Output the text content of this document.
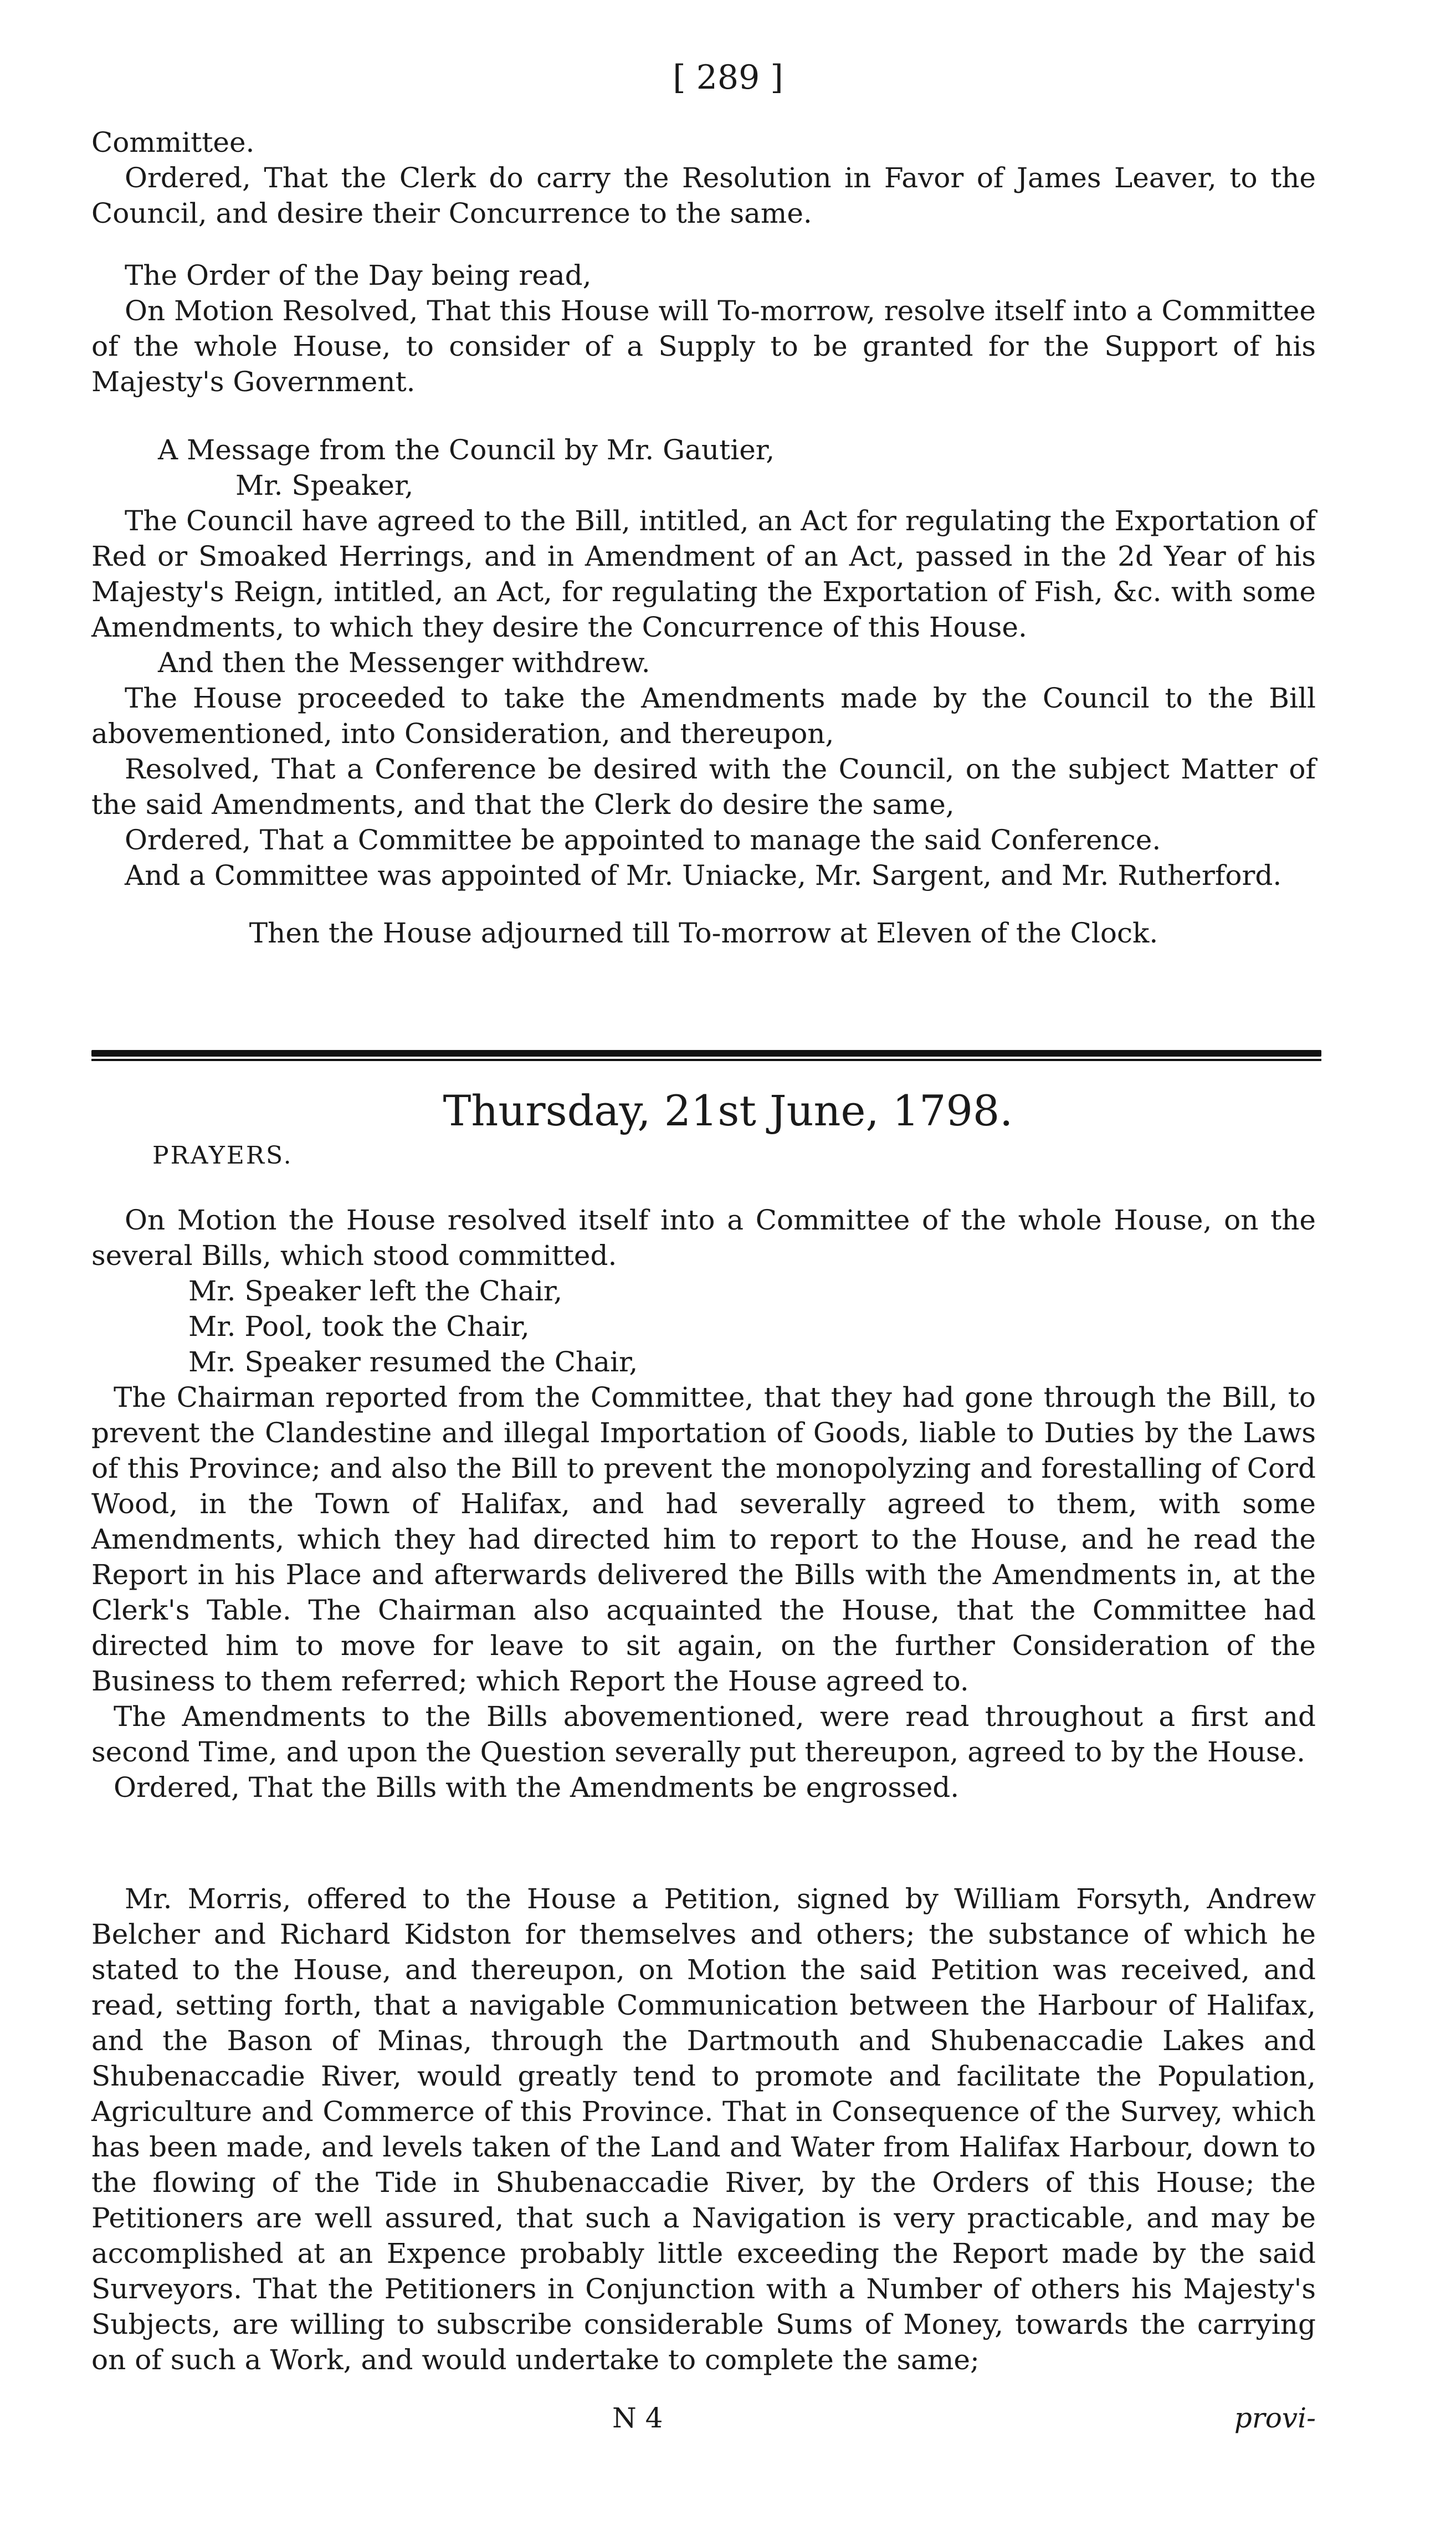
[ 289 ]

Committee.

Ordered, That the Clerk do carry the Resolution in Favor of James Leaver, to the Council, and desire their Concurrence to the same.

The Order of the Day being read,

On Motion Resolved, That this House will To-morrow, resolve itself into a Committee of the whole House, to consider of a Supply to be granted for the Support of his Majesty's Government.

A Message from the Council by Mr. Gautier,

Mr. Speaker,

The Council have agreed to the Bill, intitled, an Act for regulating the Exportation of Red or Smoaked Herrings, and in Amendment of an Act, passed in the 2d Year of his Majesty's Reign, intitled, an Act, for regulating the Exportation of Fish, &c. with some Amendments, to which they desire the Concurrence of this House.

And then the Messenger withdrew.

The House proceeded to take the Amendments made by the Council to the Bill abovementioned, into Consideration, and thereupon,

Resolved, That a Conference be desired with the Council, on the subject Matter of the said Amendments, and that the Clerk do desire the same,

Ordered, That a Committee be appointed to manage the said Conference.

And a Committee was appointed of Mr. Uniacke, Mr. Sargent, and Mr. Rutherford.

Then the House adjourned till To-morrow at Eleven of the Clock.

Thursday, 21st June, 1798.
PRAYERS.

On Motion the House resolved itself into a Committee of the whole House, on the several Bills, which stood committed.

Mr. Speaker left the Chair,

Mr. Pool, took the Chair,

Mr. Speaker resumed the Chair,

The Chairman reported from the Committee, that they had gone through the Bill, to prevent the Clandestine and illegal Importation of Goods, liable to Duties by the Laws of this Province; and also the Bill to prevent the monopolyzing and forestalling of Cord Wood, in the Town of Halifax, and had severally agreed to them, with some Amendments, which they had directed him to report to the House, and he read the Report in his Place and afterwards delivered the Bills with the Amendments in, at the Clerk's Table. The Chairman also acquainted the House, that the Committee had directed him to move for leave to sit again, on the further Consideration of the Business to them referred; which Report the House agreed to.

The Amendments to the Bills abovementioned, were read throughout a first and second Time, and upon the Question severally put thereupon, agreed to by the House.

Ordered, That the Bills with the Amendments be engrossed.

Mr. Morris, offered to the House a Petition, signed by William Forsyth, Andrew Belcher and Richard Kidston for themselves and others; the substance of which he stated to the House, and thereupon, on Motion the said Petition was received, and read, setting forth, that a navigable Communication between the Harbour of Halifax, and the Bason of Minas, through the Dartmouth and Shubenaccadie Lakes and Shubenaccadie River, would greatly tend to promote and facilitate the Population, Agriculture and Commerce of this Province. That in Consequence of the Survey, which has been made, and levels taken of the Land and Water from Halifax Harbour, down to the flowing of the Tide in Shubenaccadie River, by the Orders of this House; the Petitioners are well assured, that such a Navigation is very practicable, and may be accomplished at an Expence probably little exceeding the Report made by the said Surveyors. That the Petitioners in Conjunction with a Number of others his Majesty's Subjects, are willing to subscribe considerable Sums of Money, towards the carrying on of such a Work, and would undertake to complete the same;

N 4	provi-
